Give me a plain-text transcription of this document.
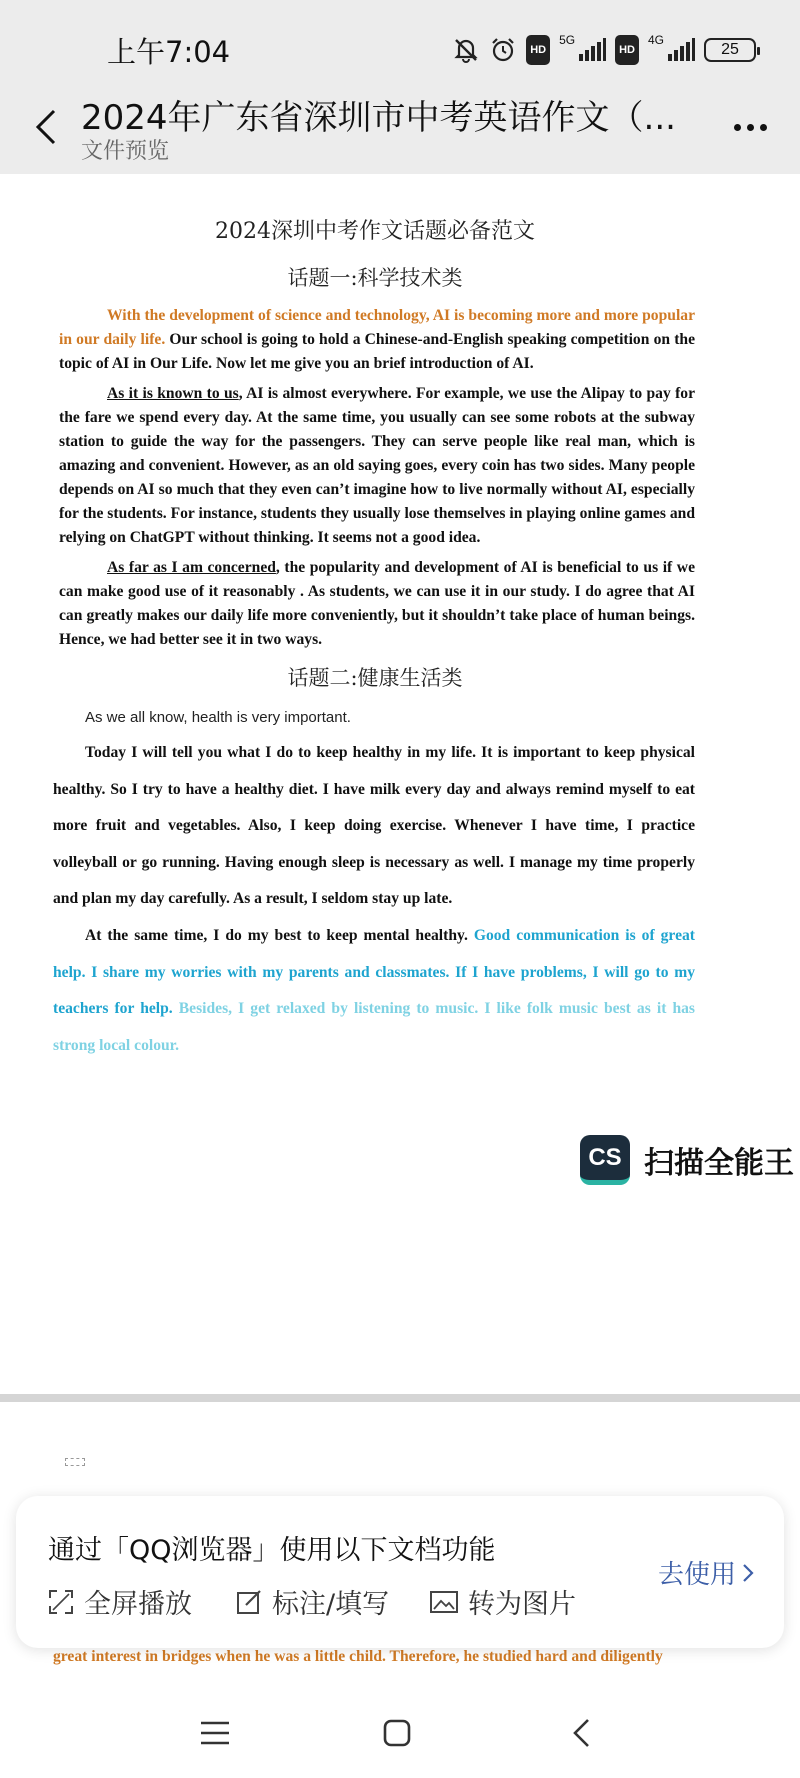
上午7:04	HD
5G
HD
4G
25
2024年广东省深圳市中考英语作文（...
文件预览
2024深圳中考作文话题必备范文
话题一:科学技术类
With the development of science and technology, AI is becoming more and more popular in our daily life. Our school is going to hold a Chinese-and-English speaking competition on the topic of AI in Our Life. Now let me give you an brief introduction of AI.
As it is known to us, AI is almost everywhere. For example, we use the Alipay to pay for the fare we spend every day. At the same time, you usually can see some robots at the subway station to guide the way for the passengers. They can serve people like real man, which is amazing and convenient. However, as an old saying goes, every coin has two sides. Many people depends on AI so much that they even can’t imagine how to live normally without AI, especially for the students. For instance, students they usually lose themselves in playing online games and relying on ChatGPT without thinking. It seems not a good idea.
As far as I am concerned, the popularity and development of AI is beneficial to us if we can make good use of it reasonably . As students, we can use it in our study. I do agree that AI can greatly makes our daily life more conveniently, but it shouldn’t take place of human beings. Hence, we had better see it in two ways.
话题二:健康生活类
As we all know, health is very important.
Today I will tell you what I do to keep healthy in my life. It is important to keep physical healthy. So I try to have a healthy diet. I have milk every day and always remind myself to eat more fruit and vegetables. Also, I keep doing exercise. Whenever I have time, I practice volleyball or go running. Having enough sleep is necessary as well. I manage my time properly and plan my day carefully. As a result, I seldom stay up late.
At the same time, I do my best to keep mental healthy. Good communication is of great help. I share my worries with my parents and classmates. If I have problems, I will go to my teachers for help. Besides, I get relaxed by listening to music. I like folk music best as it has strong local colour.
CS 扫描全能王
great interest in bridges when he was a little child. Therefore, he studied hard and diligently
通过「QQ浏览器」使用以下文档功能
全屏播放	标注/填写	转为图片
去使用
